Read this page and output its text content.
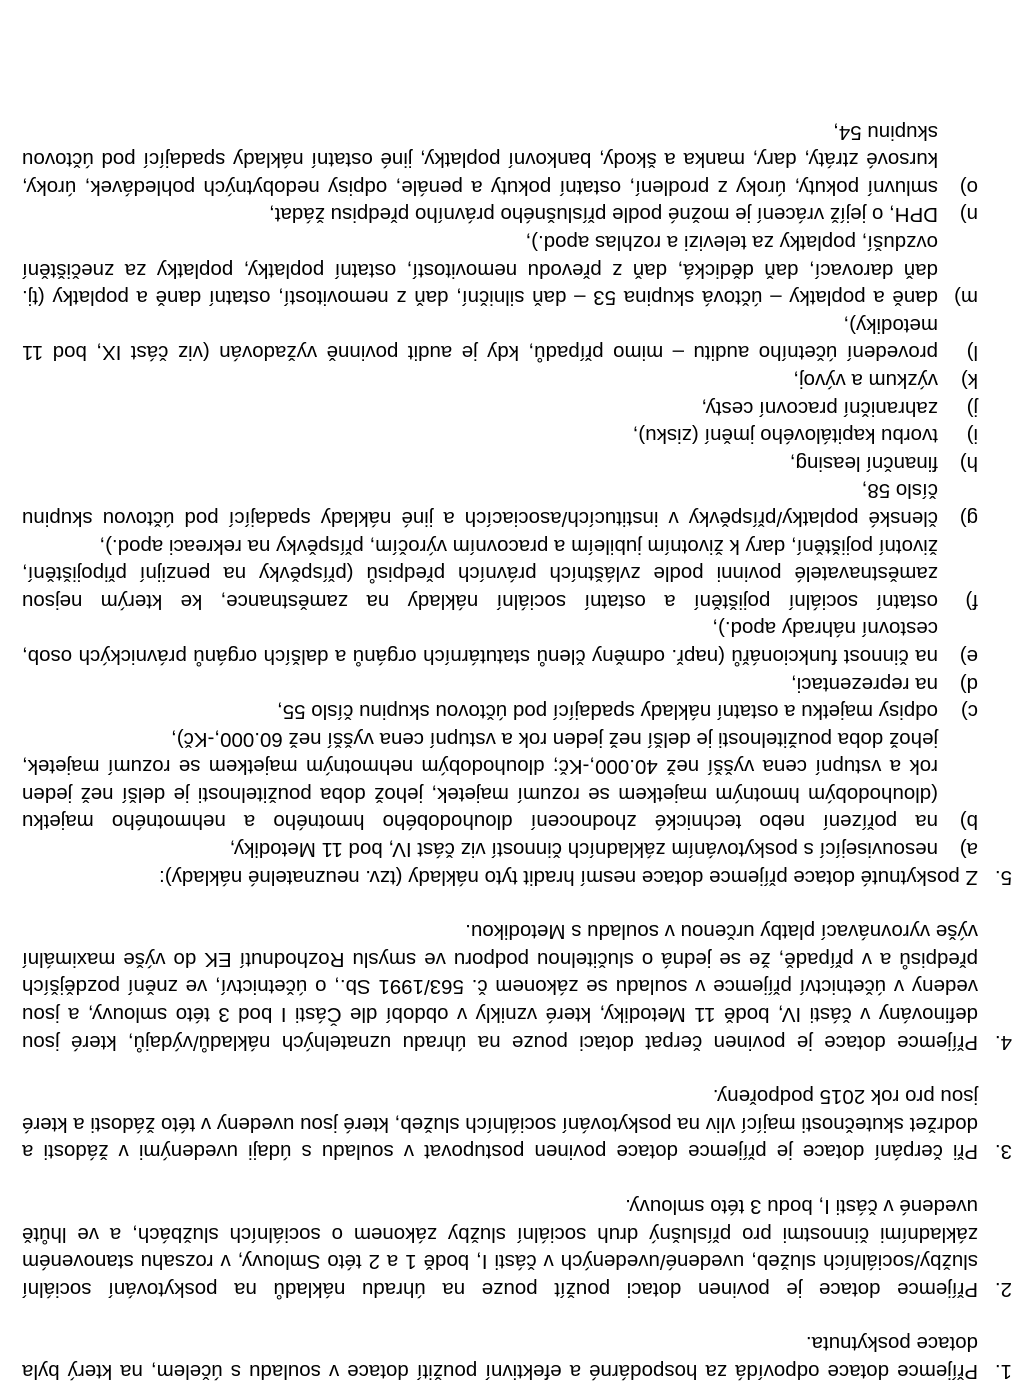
1.
Příjemce dotace odpovídá za hospodárné a efektivní použití dotace v souladu s účelem, na který byla dotace poskytnuta.
2.
Příjemce dotace je povinen dotaci použít pouze na úhradu nákladů na poskytování sociální služby/sociálních služeb, uvedené/uvedených v části I, bodě 1 a 2 této Smlouvy, v rozsahu stanoveném základními činnostmi pro příslušný druh sociální služby zákonem o sociálních službách, a ve lhůtě uvedené v části I, bodu 3 této smlouvy.
3.
Při čerpání dotace je příjemce dotace povinen postupovat v souladu s údaji uvedenými v žádosti a dodržet skutečnosti mající vliv na poskytování sociálních služeb, které jsou uvedeny v této žádosti a které jsou pro rok 2015 podpořeny.
4.
Příjemce dotace je povinen čerpat dotaci pouze na úhradu uznatelných nákladů/výdajů, které jsou definovány v části IV, bodě 11 Metodiky, které vznikly v období dle Části I bod 3 této smlouvy, a jsou vedeny v účetnictví příjemce v souladu se zákonem č. 563/1991 Sb., o účetnictví, ve znění pozdějších předpisů a v případě, že se jedná o slučitelnou podporu ve smyslu Rozhodnutí EK do výše maximální výše vyrovnávací platby určenou v souladu s Metodikou.
5.
Z poskytnuté dotace příjemce dotace nesmí hradit tyto náklady (tzv. neuznatelné náklady):
a)
nesouvisející s poskytováním základních činností viz část IV, bod 11 Metodiky,
b)
na pořízení nebo technické zhodnocení dlouhodobého hmotného a nehmotného majetku (dlouhodobým hmotným majetkem se rozumí majetek, jehož doba použitelnosti je delší než jeden rok a vstupní cena vyšší než 40.000,-Kč; dlouhodobým nehmotným majetkem se rozumí majetek, jehož doba použitelnosti je delší než jeden rok a vstupní cena vyšší než 60.000,-Kč),
c)
odpisy majetku a ostatní náklady spadající pod účtovou skupinu číslo 55,
d)
na reprezentaci,
e)
na činnost funkcionářů (např. odměny členů statutárních orgánů a dalších orgánů právnických osob, cestovní náhrady apod.),
f)
ostatní sociální pojištění a ostatní sociální náklady na zaměstnance, ke kterým nejsou zaměstnavatelé povinni podle zvláštních právních předpisů (příspěvky na penzijní připojištění, životní pojištění, dary k životním jubileím a pracovním výročím, příspěvky na rekreaci apod.),
g)
členské poplatky/příspěvky v institucích/asociacích a jiné náklady spadající pod účtovou skupinu číslo 58,
h)
finanční leasing,
i)
tvorbu kapitálového jmění (zisku),
j)
zahraniční pracovní cesty,
k)
výzkum a vývoj,
l)
provedení účetního auditu – mimo případů, kdy je audit povinně vyžadován (viz část IX, bod 11 metodiky),
m)
daně a poplatky – účtová skupina 53 – daň silniční, daň z nemovitostí, ostatní daně a poplatky (tj. daň darovací, daň dědická, daň z převodu nemovitostí, ostatní poplatky, poplatky za znečištění ovzduší, poplatky za televizi a rozhlas apod.),
n)
DPH, o jejíž vrácení je možné podle příslušného právního předpisu žádat,
o)
smluvní pokuty, úroky z prodlení, ostatní pokuty a penále, odpisy nedobytných pohledávek, úroky, kursové ztráty, dary, manka a škody, bankovní poplatky, jiné ostatní náklady spadající pod účtovou skupinu 54,
